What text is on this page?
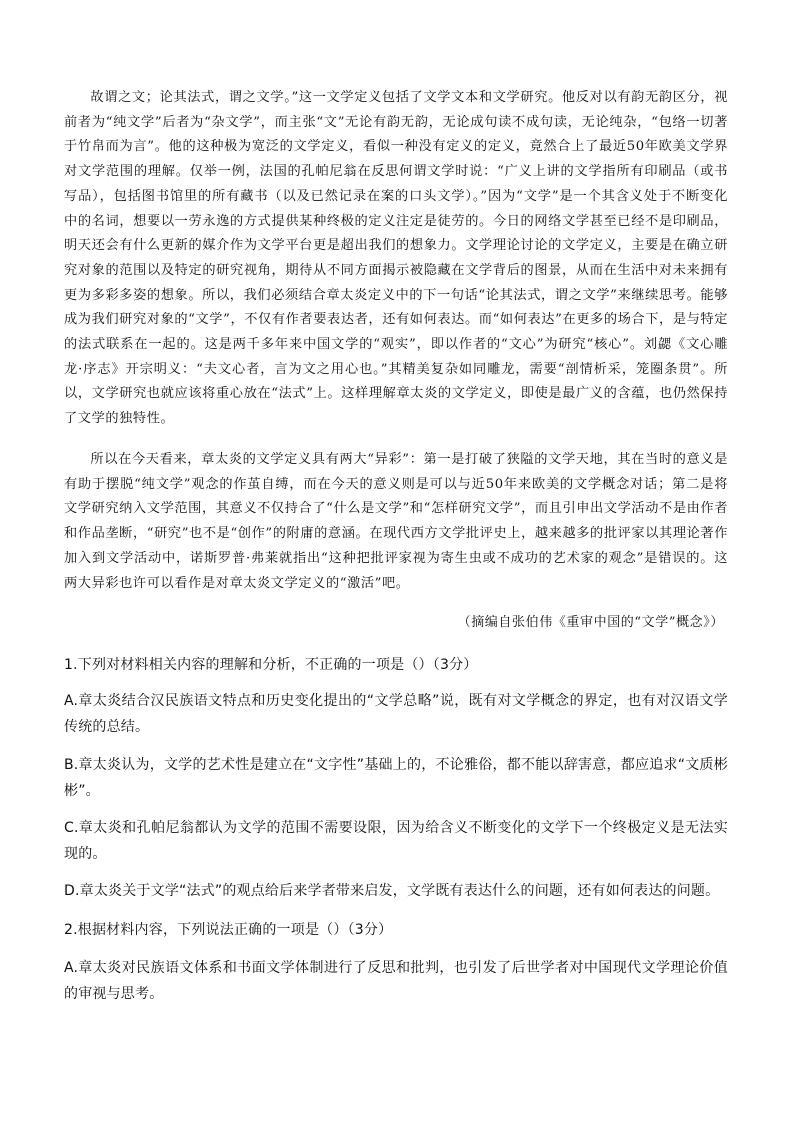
故谓之文；论其法式，谓之文学。”这一文学定义包括了文学文本和文学研究。他反对以有韵无韵区分，视前者为“纯文学”后者为“杂文学”，而主张“文”无论有韵无韵，无论成句读不成句读，无论纯杂，“包络一切著于竹帛而为言”。他的这种极为宽泛的文学定义，看似一种没有定义的定义，竟然合上了最近50年欧美文学界对文学范围的理解。仅举一例，法国的孔帕尼翁在反思何谓文学时说：“广义上讲的文学指所有印刷品（或书写品），包括图书馆里的所有藏书（以及已然记录在案的口头文学）。”因为“文学”是一个其含义处于不断变化中的名词，想要以一劳永逸的方式提供某种终极的定义注定是徒劳的。今日的网络文学甚至已经不是印刷品，明天还会有什么更新的媒介作为文学平台更是超出我们的想象力。文学理论讨论的文学定义，主要是在确立研究对象的范围以及特定的研究视角，期待从不同方面揭示被隐藏在文学背后的图景，从而在生活中对未来拥有更为多彩多姿的想象。所以，我们必须结合章太炎定义中的下一句话“论其法式，谓之文学”来继续思考。能够成为我们研究对象的“文学”，不仅有作者要表达者，还有如何表达。而“如何表达”在更多的场合下，是与特定的法式联系在一起的。这是两千多年来中国文学的“观实”，即以作者的“文心”为研究“核心”。刘勰《文心雕龙·序志》开宗明义：“夫文心者，言为文之用心也。”其精美复杂如同雕龙，需要“剖情析采，笼圈条贯”。所以，文学研究也就应该将重心放在“法式”上。这样理解章太炎的文学定义，即使是最广义的含蕴，也仍然保持了文学的独特性。

所以在今天看来，章太炎的文学定义具有两大“异彩”：第一是打破了狭隘的文学天地，其在当时的意义是有助于摆脱“纯文学”观念的作茧自缚，而在今天的意义则是可以与近50年来欧美的文学概念对话；第二是将文学研究纳入文学范围，其意义不仅持合了“什么是文学”和“怎样研究文学”，而且引申出文学活动不是由作者和作品垄断，“研究”也不是“创作”的附庸的意涵。在现代西方文学批评史上，越来越多的批评家以其理论著作加入到文学活动中，诺斯罗普·弗莱就指出“这种把批评家视为寄生虫或不成功的艺术家的观念”是错误的。这两大异彩也许可以看作是对章太炎文学定义的“激活”吧。

（摘编自张伯伟《重审中国的“文学”概念》）
1.下列对材料相关内容的理解和分析，不正确的一项是（）（3分）
A.章太炎结合汉民族语文特点和历史变化提出的“文学总略”说，既有对文学概念的界定，也有对汉语文学传统的总结。
B.章太炎认为，文学的艺术性是建立在“文字性”基础上的，不论雅俗，都不能以辞害意，都应追求“文质彬彬”。
C.章太炎和孔帕尼翁都认为文学的范围不需要设限，因为给含义不断变化的文学下一个终极定义是无法实现的。
D.章太炎关于文学“法式”的观点给后来学者带来启发，文学既有表达什么的问题，还有如何表达的问题。
2.根据材料内容，下列说法正确的一项是（）（3分）
A.章太炎对民族语文体系和书面文学体制进行了反思和批判，也引发了后世学者对中国现代文学理论价值的审视与思考。
